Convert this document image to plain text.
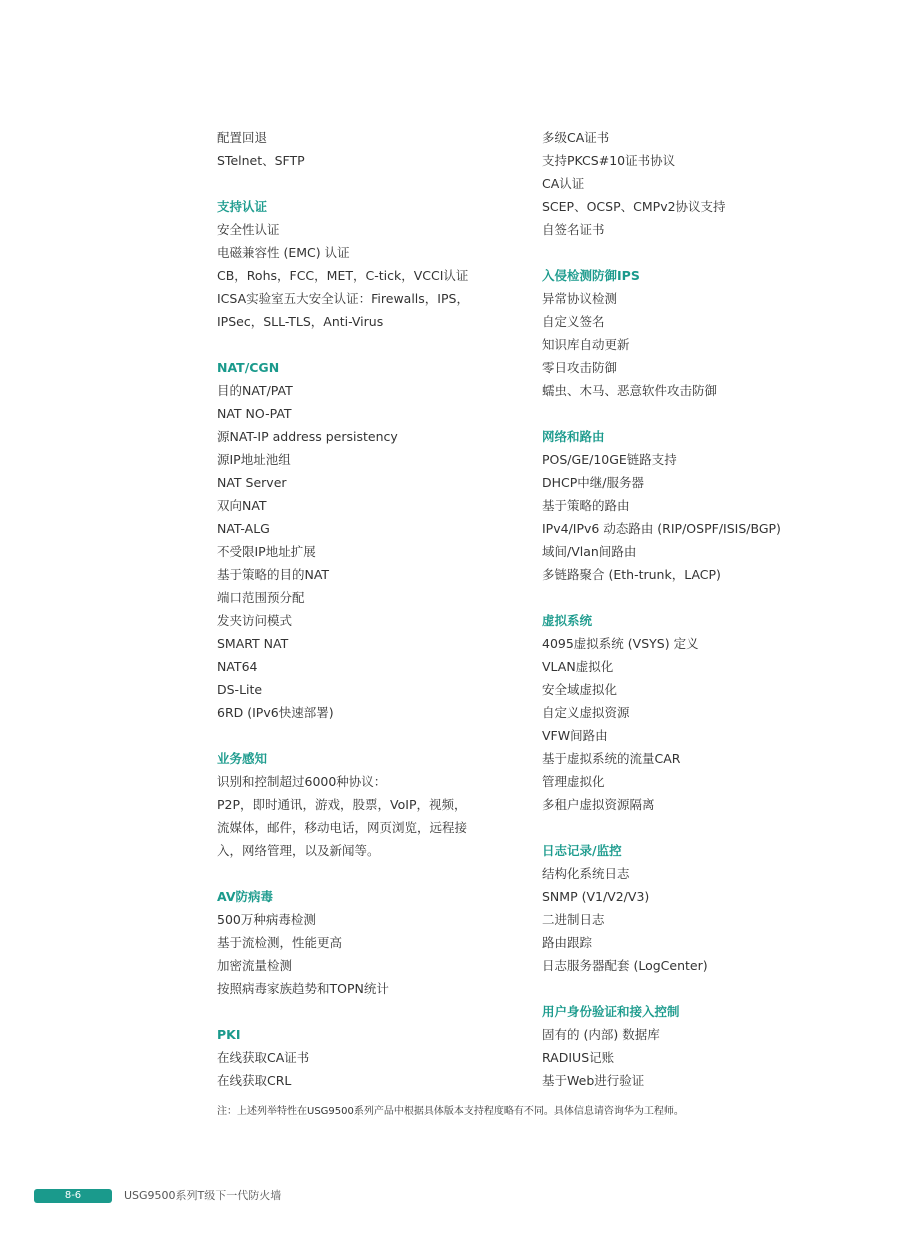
配置回退
STelnet、SFTP
支持认证
安全性认证
电磁兼容性 (EMC) 认证
CB，Rohs，FCC，MET，C-tick，VCCI认证
ICSA实验室五大安全认证：Firewalls，IPS，
IPSec，SLL-TLS，Anti-Virus
NAT/CGN
目的NAT/PAT
NAT NO-PAT
源NAT-IP address persistency
源IP地址池组
NAT Server
双向NAT
NAT-ALG
不受限IP地址扩展
基于策略的目的NAT
端口范围预分配
发夹访问模式
SMART NAT
NAT64
DS-Lite
6RD (IPv6快速部署)
业务感知
识别和控制超过6000种协议：
P2P，即时通讯，游戏，股票，VoIP，视频，
流媒体，邮件，移动电话，网页浏览，远程接
入，网络管理，以及新闻等。
AV防病毒
500万种病毒检测
基于流检测，性能更高
加密流量检测
按照病毒家族趋势和TOPN统计
PKI
在线获取CA证书
在线获取CRL
多级CA证书
支持PKCS#10证书协议
CA认证
SCEP、OCSP、CMPv2协议支持
自签名证书
入侵检测防御IPS
异常协议检测
自定义签名
知识库自动更新
零日攻击防御
蠕虫、木马、恶意软件攻击防御
网络和路由
POS/GE/10GE链路支持
DHCP中继/服务器
基于策略的路由
IPv4/IPv6 动态路由 (RIP/OSPF/ISIS/BGP)
域间/Vlan间路由
多链路聚合 (Eth-trunk，LACP)
虚拟系统
4095虚拟系统 (VSYS) 定义
VLAN虚拟化
安全域虚拟化
自定义虚拟资源
VFW间路由
基于虚拟系统的流量CAR
管理虚拟化
多租户虚拟资源隔离
日志记录/监控
结构化系统日志
SNMP (V1/V2/V3)
二进制日志
路由跟踪
日志服务器配套 (LogCenter)
用户身份验证和接入控制
固有的 (内部) 数据库
RADIUS记账
基于Web进行验证
注：上述列举特性在USG9500系列产品中根据具体版本支持程度略有不同。具体信息请咨询华为工程师。
8-6	USG9500系列T级下一代防火墙
